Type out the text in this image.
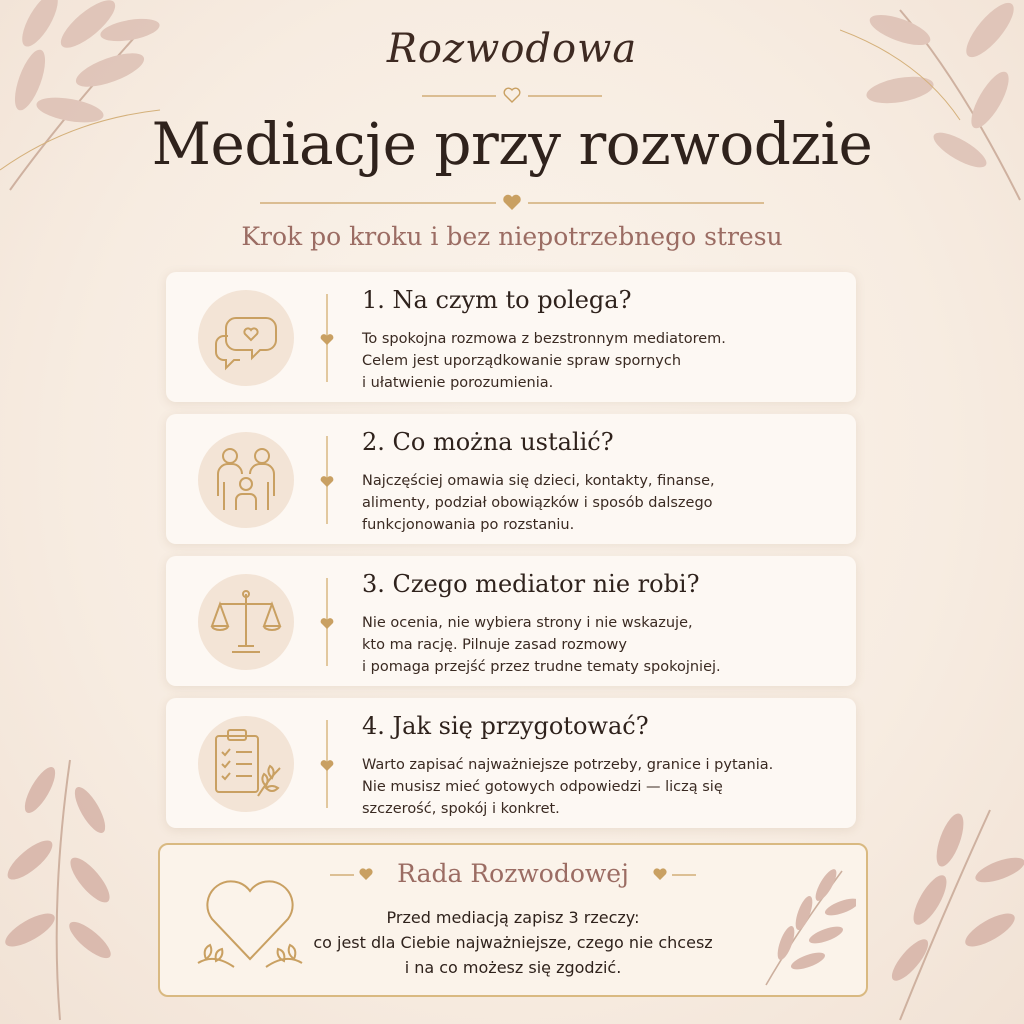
Rozwodowa
Mediacje przy rozwodzie
Krok po kroku i bez niepotrzebnego stresu
1. Na czym to polega?
To spokojna rozmowa z bezstronnym mediatorem.
Celem jest uporządkowanie spraw spornych
i ułatwienie porozumienia.
2. Co można ustalić?
Najczęściej omawia się dzieci, kontakty, finanse,
alimenty, podział obowiązków i sposób dalszego
funkcjonowania po rozstaniu.
3. Czego mediator nie robi?
Nie ocenia, nie wybiera strony i nie wskazuje,
kto ma rację. Pilnuje zasad rozmowy
i pomaga przejść przez trudne tematy spokojniej.
4. Jak się przygotować?
Warto zapisać najważniejsze potrzeby, granice i pytania.
Nie musisz mieć gotowych odpowiedzi — liczą się
szczerość, spokój i konkret.
Rada Rozwodowej
Przed mediacją zapisz 3 rzeczy:
co jest dla Ciebie najważniejsze, czego nie chcesz
i na co możesz się zgodzić.
